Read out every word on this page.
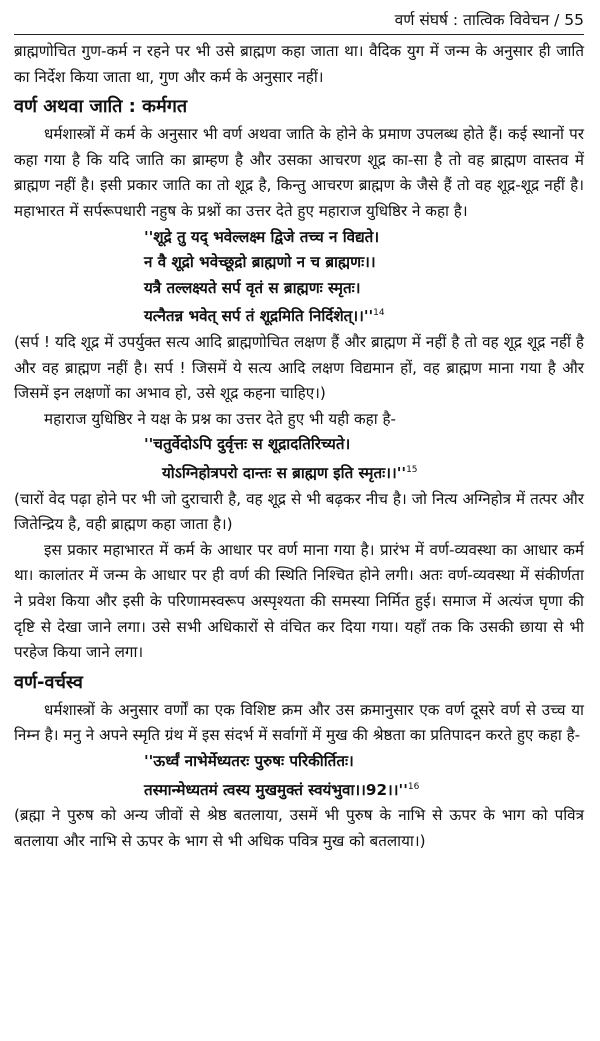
वर्ण संघर्ष : तात्विक विवेचन / 55

ब्राह्मणोचित गुण-कर्म न रहने पर भी उसे ब्राह्मण कहा जाता था। वैदिक युग में जन्म के अनुसार ही जाति का निर्देश किया जाता था, गुण और कर्म के अनुसार नहीं।

वर्ण अथवा जाति : कर्मगत

धर्मशास्त्रों में कर्म के अनुसार भी वर्ण अथवा जाति के होने के प्रमाण उपलब्ध होते हैं। कई स्थानों पर कहा गया है कि यदि जाति का ब्राम्हण है और उसका आचरण शूद्र का-सा है तो वह ब्राह्मण वास्तव में ब्राह्मण नहीं है। इसी प्रकार जाति का तो शूद्र है, किन्तु आचरण ब्राह्मण के जैसे हैं तो वह शूद्र-शूद्र नहीं है। महाभारत में सर्परूपधारी नहुष के प्रश्नों का उत्तर देते हुए महाराज युधिष्ठिर ने कहा है।

''शूद्रे तु यद् भवेल्लक्ष्म द्विजे तच्च न विद्यते।
न वै शूद्रो भवेच्छूद्रो ब्राह्मणो न च ब्राह्मणः।।
यत्रै तल्लक्ष्यते सर्प वृतं स ब्राह्मणः स्मृतः।
यत्नैतन्न भवेत् सर्प तं शूद्रमिति निर्दिशेत्।।''$^{14}$

(सर्प ! यदि शूद्र में उपर्युक्त सत्य आदि ब्राह्मणोचित लक्षण हैं और ब्राह्मण में नहीं है तो वह शूद्र शूद्र नहीं है और वह ब्राह्मण नहीं है। सर्प ! जिसमें ये सत्य आदि लक्षण विद्यमान हों, वह ब्राह्मण माना गया है और जिसमें इन लक्षणों का अभाव हो, उसे शूद्र कहना चाहिए।)

महाराज युधिष्ठिर ने यक्ष के प्रश्न का उत्तर देते हुए भी यही कहा है-

''चतुर्वेदोऽपि दुर्वृत्तः स शूद्रादतिरिच्यते।
योऽग्निहोत्रपरो दान्तः स ब्राह्मण इति स्मृतः।।''$^{15}$

(चारों वेद पढ़ा होने पर भी जो दुराचारी है, वह शूद्र से भी बढ़कर नीच है। जो नित्य अग्निहोत्र में तत्पर और जितेन्द्रिय है, वही ब्राह्मण कहा जाता है।)

इस प्रकार महाभारत में कर्म के आधार पर वर्ण माना गया है। प्रारंभ में वर्ण-व्यवस्था का आधार कर्म था। कालांतर में जन्म के आधार पर ही वर्ण की स्थिति निश्चित होने लगी। अतः वर्ण-व्यवस्था में संकीर्णता ने प्रवेश किया और इसी के परिणामस्वरूप अस्पृश्यता की समस्या निर्मित हुई। समाज में अत्यंज घृणा की दृष्टि से देखा जाने लगा। उसे सभी अधिकारों से वंचित कर दिया गया। यहाँ तक कि उसकी छाया से भी परहेज किया जाने लगा।

वर्ण-वर्चस्व

धर्मशास्त्रों के अनुसार वर्णों का एक विशिष्ट क्रम और उस क्रमानुसार एक वर्ण दूसरे वर्ण से उच्च या निम्न है। मनु ने अपने स्मृति ग्रंथ में इस संदर्भ में सर्वागों में मुख की श्रेष्ठता का प्रतिपादन करते हुए कहा है-

''ऊर्ध्वं नाभेर्मेध्यतरः पुरुषः परिकीर्तितः।
तस्मान्मेध्यतमं त्वस्य मुखमुक्तं स्वयंभुवा।।92।।''$^{16}$

(ब्रह्मा ने पुरुष को अन्य जीवों से श्रेष्ठ बतलाया, उसमें भी पुरुष के नाभि से ऊपर के भाग को पवित्र बतलाया और नाभि से ऊपर के भाग से भी अधिक पवित्र मुख को बतलाया।)
